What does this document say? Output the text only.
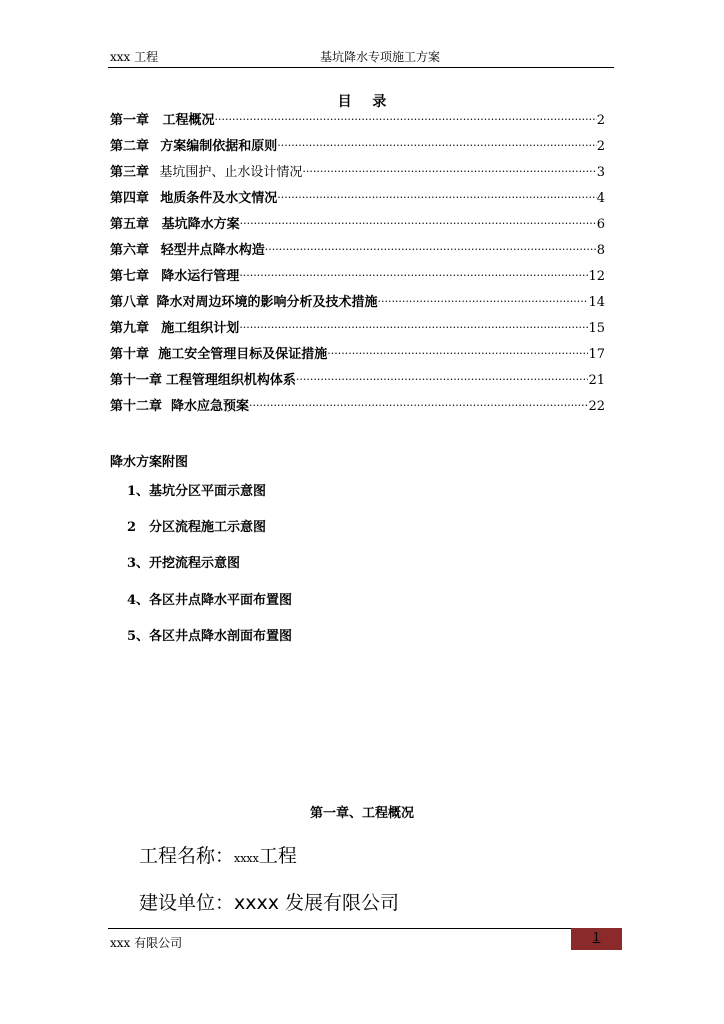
xxx 工程	基坑降水专项施工方案
目 录
第一章 工程概况 ·····	2
第二章 方案编制依据和原则 ·····	2
第三章 基坑围护、止水设计情况 ·····	3
第四章 地质条件及水文情况 ·····	4
第五章 基坑降水方案 ·····	6
第六章 轻型井点降水构造 ·····	8
第七章 降水运行管理 ·····	12
第八章 降水对周边环境的影响分析及技术措施 ·····	14
第九章 施工组织计划 ·····	15
第十章 施工安全管理目标及保证措施 ·····	17
第十一章 工程管理组织机构体系 ·····	21
第十二章 降水应急预案 ·····	22
降水方案附图
1、基坑分区平面示意图
2　分区流程施工示意图
3、开挖流程示意图
4、各区井点降水平面布置图
5、各区井点降水剖面布置图
第一章、工程概况
工程名称：xxxx工程
建设单位：xxxx 发展有限公司
xxx 有限公司	1
